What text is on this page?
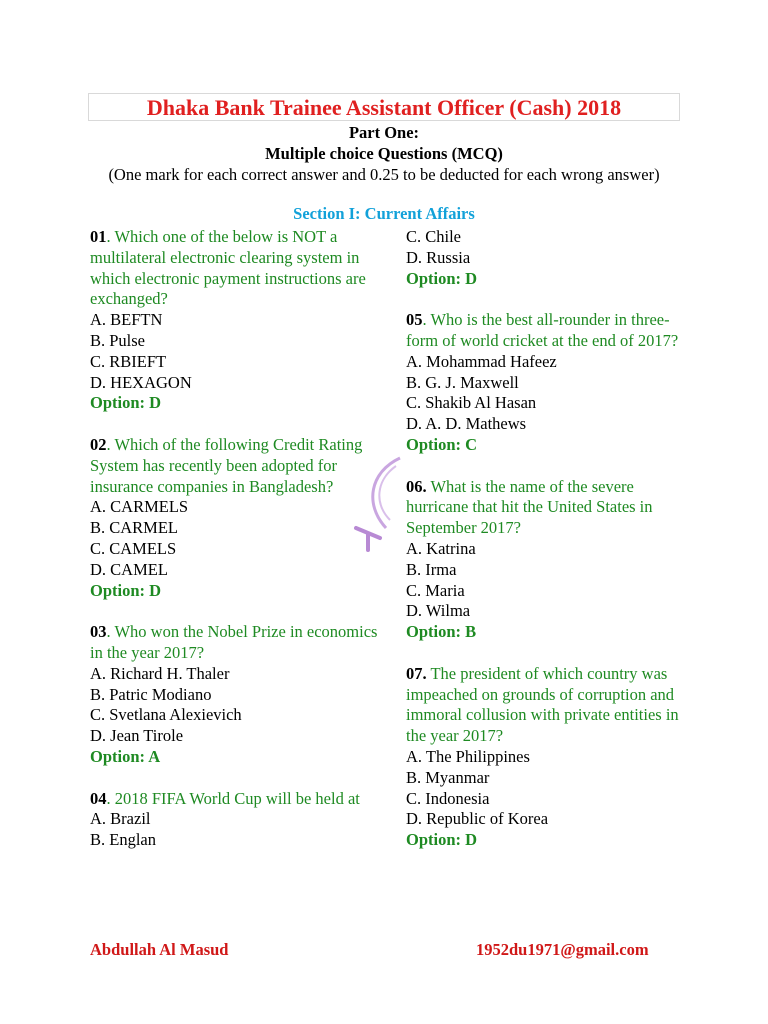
Dhaka Bank Trainee Assistant Officer (Cash) 2018
Part One:
Multiple choice Questions (MCQ)
(One mark for each correct answer and 0.25 to be deducted for each wrong answer)
Section I: Current Affairs

01. Which one of the below is NOT a multilateral electronic clearing system in which electronic payment instructions are exchanged?

A. BEFTN

B. Pulse

C. RBIEFT

D. HEXAGON

Option: D

02. Which of the following Credit Rating System has recently been adopted for insurance companies in Bangladesh?

A. CARMELS

B. CARMEL

C. CAMELS

D. CAMEL

Option: D

03. Who won the Nobel Prize in economics in the year 2017?

A. Richard H. Thaler

B. Patric Modiano

C. Svetlana Alexievich

D. Jean Tirole

Option: A

04. 2018 FIFA World Cup will be held at

A. Brazil

B. Englan

C. Chile

D. Russia

Option: D

05. Who is the best all-rounder in three-form of world cricket at the end of 2017?

A. Mohammad Hafeez

B. G. J. Maxwell

C. Shakib Al Hasan

D. A. D. Mathews

Option: C

06. What is the name of the severe hurricane that hit the United States in September 2017?

A. Katrina

B. Irma

C. Maria

D. Wilma

Option: B

07. The president of which country was impeached on grounds of corruption and immoral collusion with private entities in the year 2017?

A. The Philippines

B. Myanmar

C. Indonesia

D. Republic of Korea

Option: D

Abdullah Al Masud	1952du1971@gmail.com
